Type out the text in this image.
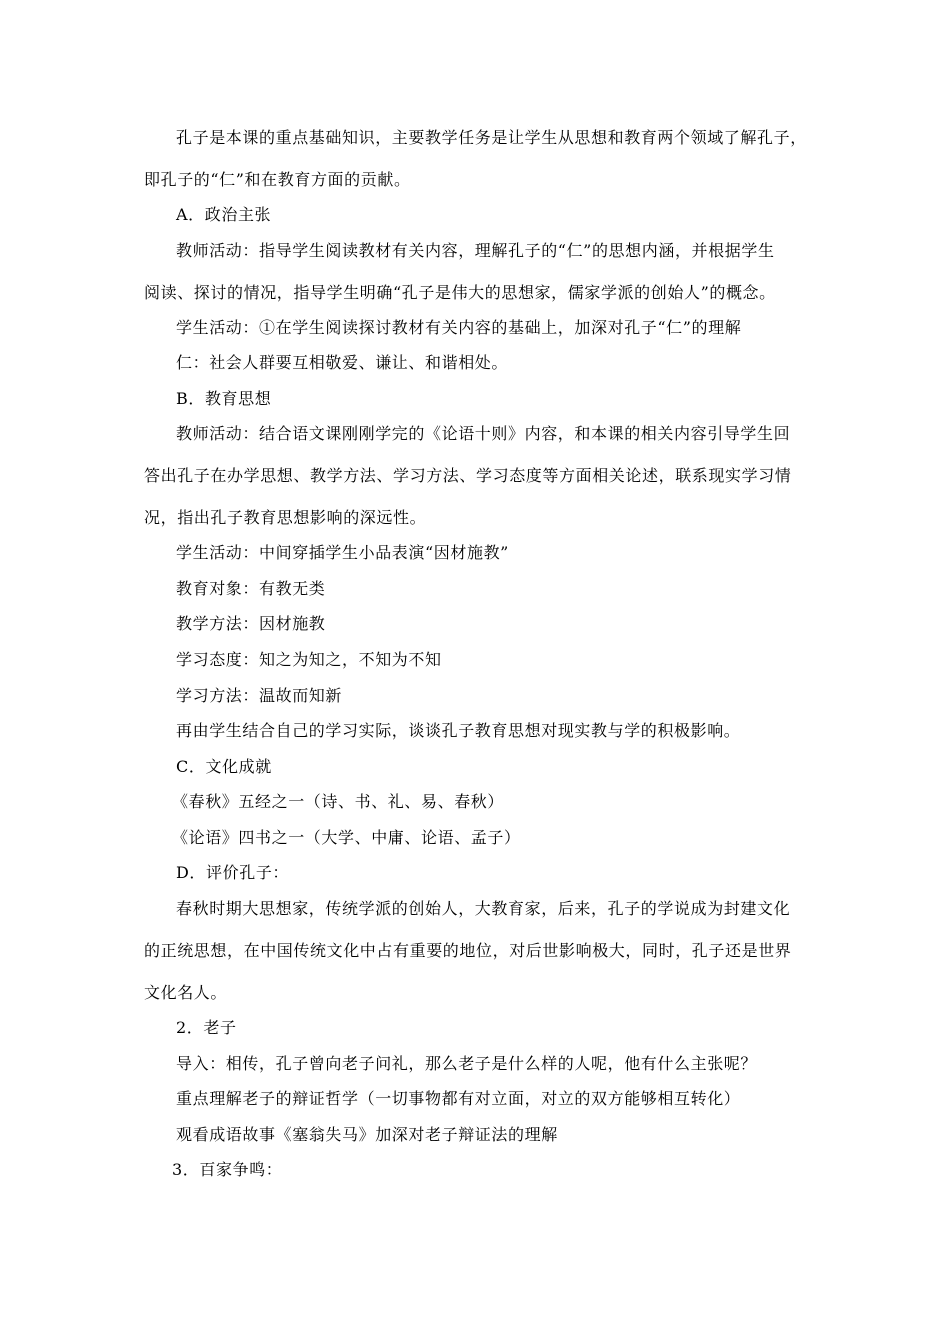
孔子是本课的重点基础知识，主要教学任务是让学生从思想和教育两个领域了解孔子，
即孔子的“仁”和在教育方面的贡献。
A．政治主张
教师活动：指导学生阅读教材有关内容，理解孔子的“仁”的思想内涵，并根据学生
阅读、探讨的情况，指导学生明确“孔子是伟大的思想家，儒家学派的创始人”的概念。
学生活动：①在学生阅读探讨教材有关内容的基础上，加深对孔子“仁”的理解
仁：社会人群要互相敬爱、谦让、和谐相处。
B．教育思想
教师活动：结合语文课刚刚学完的《论语十则》内容，和本课的相关内容引导学生回
答出孔子在办学思想、教学方法、学习方法、学习态度等方面相关论述，联系现实学习情
况，指出孔子教育思想影响的深远性。
学生活动：中间穿插学生小品表演“因材施教”
教育对象：有教无类
教学方法：因材施教
学习态度：知之为知之，不知为不知
学习方法：温故而知新
再由学生结合自己的学习实际，谈谈孔子教育思想对现实教与学的积极影响。
C．文化成就
《春秋》五经之一（诗、书、礼、易、春秋）
《论语》四书之一（大学、中庸、论语、孟子）
D．评价孔子：
春秋时期大思想家，传统学派的创始人，大教育家，后来，孔子的学说成为封建文化
的正统思想，在中国传统文化中占有重要的地位，对后世影响极大，同时，孔子还是世界
文化名人。
2．老子
导入：相传，孔子曾向老子问礼，那么老子是什么样的人呢，他有什么主张呢？
重点理解老子的辩证哲学（一切事物都有对立面，对立的双方能够相互转化）
观看成语故事《塞翁失马》加深对老子辩证法的理解
3．百家争鸣：
